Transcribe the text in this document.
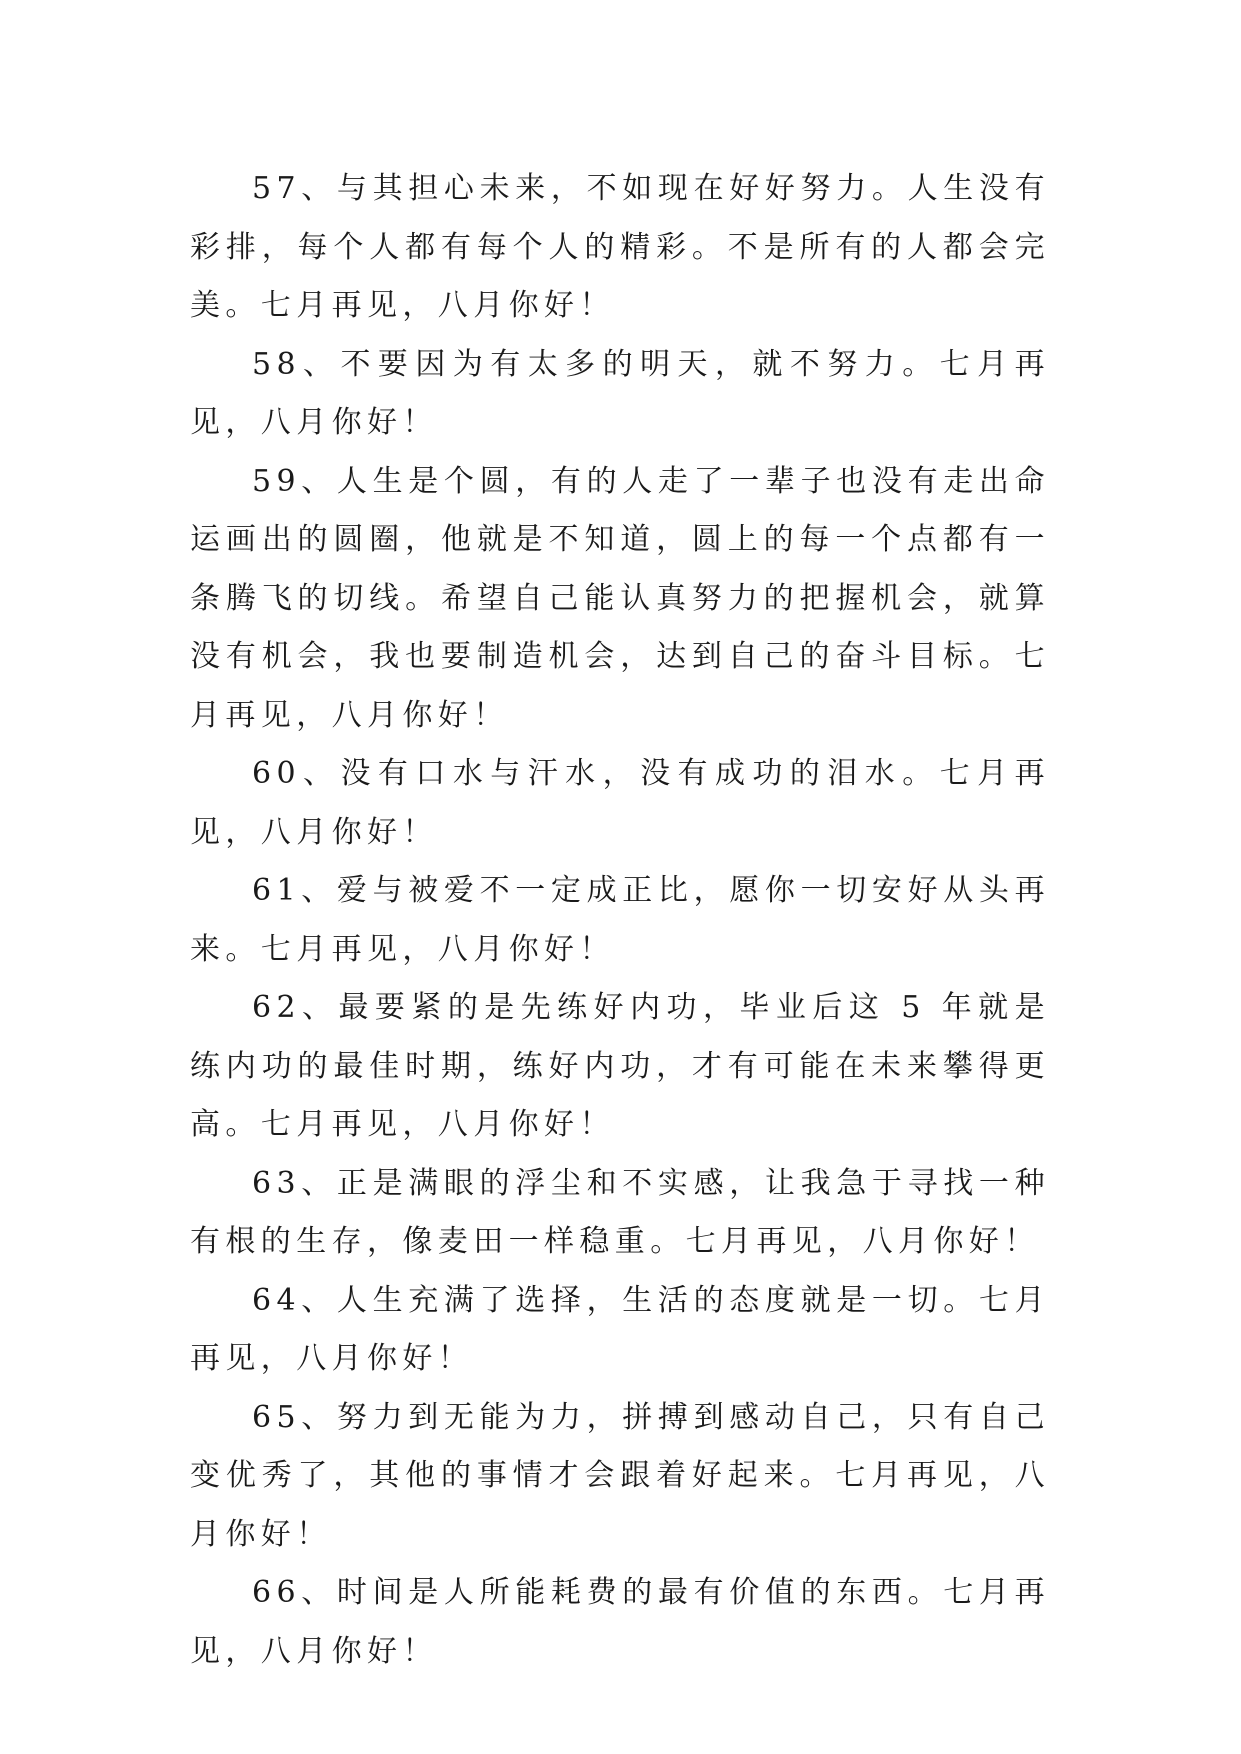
57、与其担心未来，不如现在好好努力。人生没有彩排，每个人都有每个人的精彩。不是所有的人都会完美。七月再见，八月你好！

58、不要因为有太多的明天，就不努力。七月再见，八月你好！

59、人生是个圆，有的人走了一辈子也没有走出命运画出的圆圈，他就是不知道，圆上的每一个点都有一条腾飞的切线。希望自己能认真努力的把握机会，就算没有机会，我也要制造机会，达到自己的奋斗目标。七月再见，八月你好！

60、没有口水与汗水，没有成功的泪水。七月再见，八月你好！

61、爱与被爱不一定成正比，愿你一切安好从头再来。七月再见，八月你好！

62、最要紧的是先练好内功，毕业后这 5 年就是练内功的最佳时期，练好内功，才有可能在未来攀得更高。七月再见，八月你好！

63、正是满眼的浮尘和不实感，让我急于寻找一种有根的生存，像麦田一样稳重。七月再见，八月你好！

64、人生充满了选择，生活的态度就是一切。七月再见，八月你好！

65、努力到无能为力，拼搏到感动自己，只有自己变优秀了，其他的事情才会跟着好起来。七月再见，八月你好！

66、时间是人所能耗费的最有价值的东西。七月再见，八月你好！
